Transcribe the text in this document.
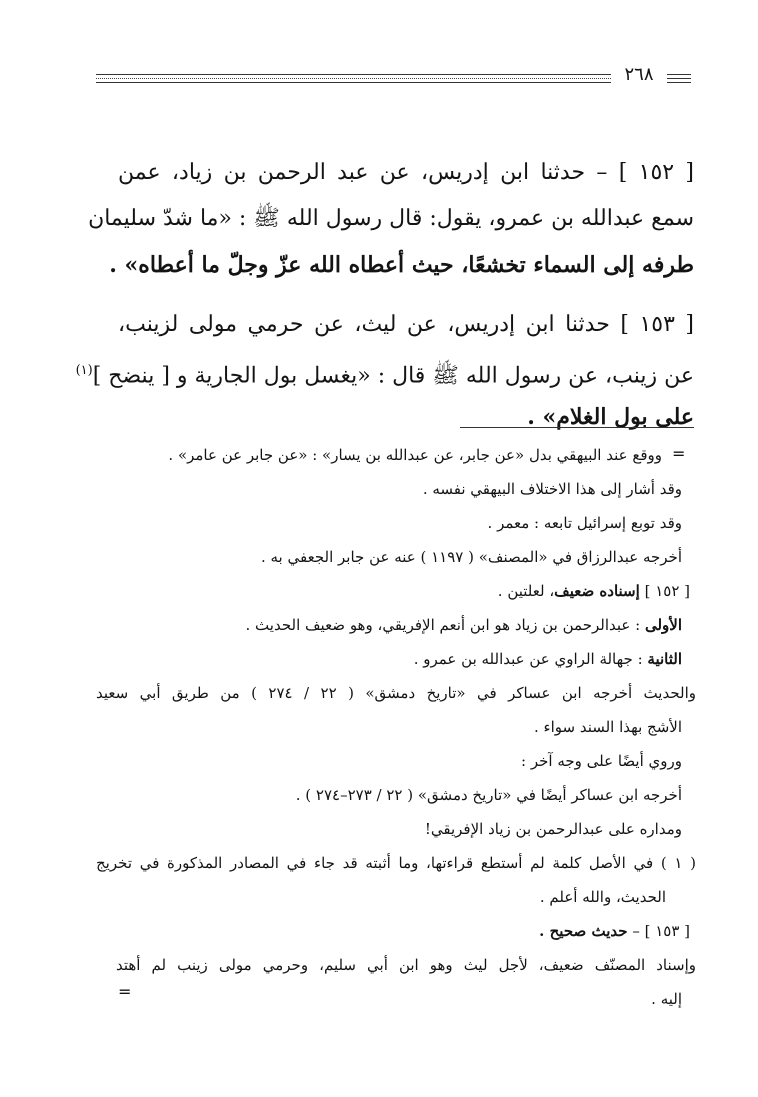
٢٦٨
[ ١٥٢ ] – حدثنا ابن إدريس، عن عبد الرحمن بن زياد، عمن
سمع عبدالله بن عمرو، يقول: قال رسول الله ﷺ : «ما شدّ سليمان
طرفه إلى السماء تخشعًا، حيث أعطاه الله عزّ وجلّ ما أعطاه» .
[ ١٥٣ ] حدثنا ابن إدريس، عن ليث، عن حرمي مولى لزينب،
عن زينب، عن رسول الله ﷺ قال : «يغسل بول الجارية و [ ينضح ]$^{(١)}$
على بول الغلام» .
=
=
ووقع عند البيهقي بدل «عن جابر، عن عبدالله بن يسار» : «عن جابر عن عامر» .
وقد أشار إلى هذا الاختلاف البيهقي نفسه .
وقد توبع إسرائيل تابعه : معمر .
أخرجه عبدالرزاق في «المصنف» ( ١١٩٧ ) عنه عن جابر الجعفي به .
[ ١٥٢ ] إسناده ضعيف، لعلتين .
الأولى : عبدالرحمن بن زياد هو ابن أنعم الإفريقي، وهو ضعيف الحديث .
الثانية : جهالة الراوي عن عبدالله بن عمرو .
والحديث أخرجه ابن عساكر في «تاريخ دمشق» ( ٢٢ / ٢٧٤ ) من طريق أبي سعيد
الأشج بهذا السند سواء .
وروي أيضًا على وجه آخر :
أخرجه ابن عساكر أيضًا في «تاريخ دمشق» ( ٢٢ / ٢٧٣–٢٧٤ ) .
ومداره على عبدالرحمن بن زياد الإفريقي!
( ١ ) في الأصل كلمة لم أستطع قراءتها، وما أثبته قد جاء في المصادر المذكورة في تخريج
الحديث، والله أعلم .
[ ١٥٣ ] – حديث صحيح .
وإسناد المصنّف ضعيف، لأجل ليث وهو ابن أبي سليم، وحرمي مولى زينب لم أهتد
إليه .
